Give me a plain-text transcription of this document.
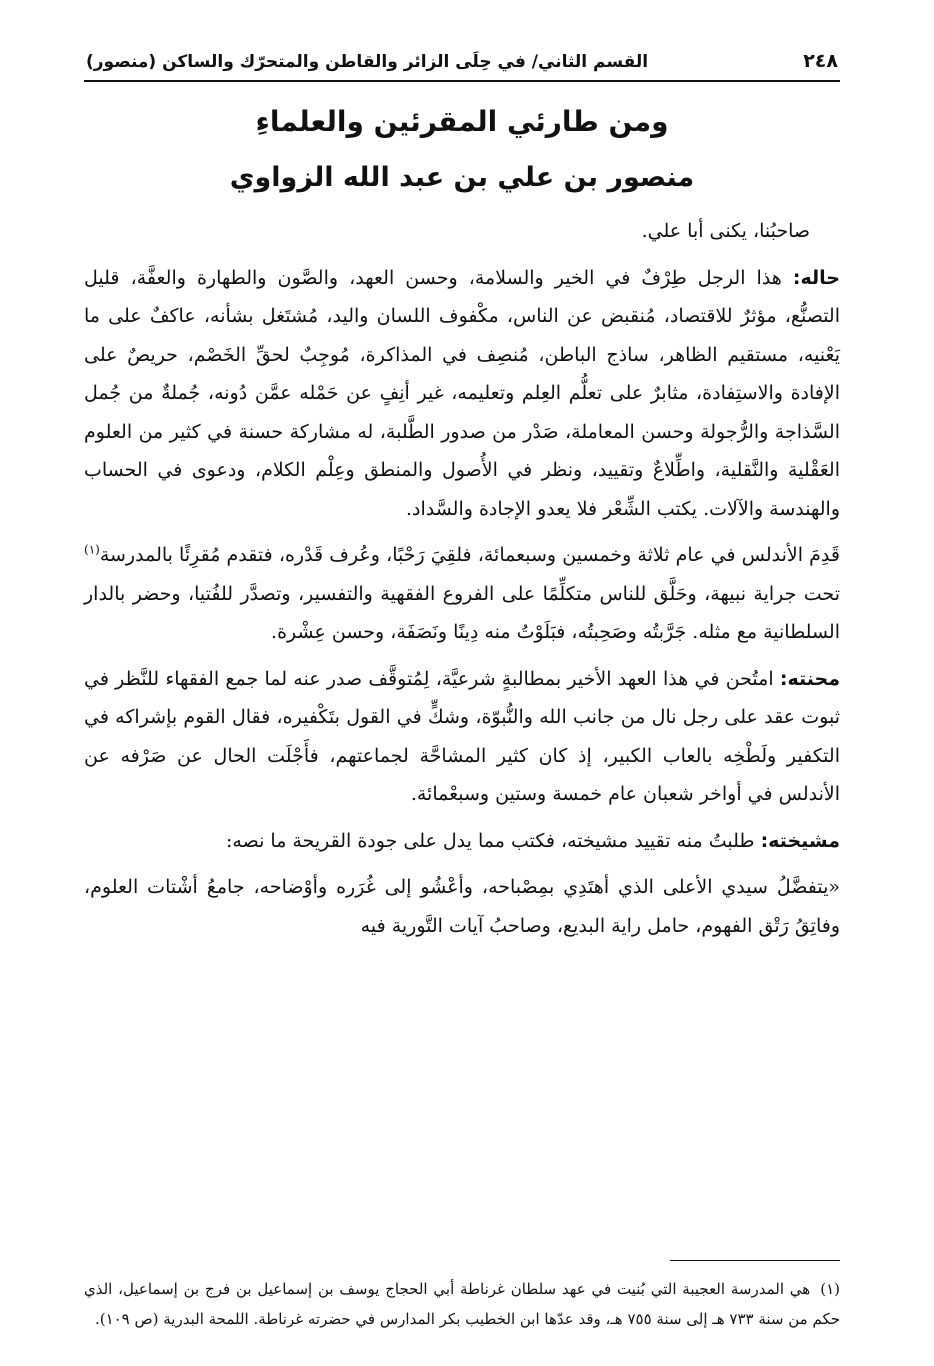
٢٤٨
القسم الثاني/ في حِلَى الزائر والقاطن والمتحرّك والساكن (منصور)
ومن طارئي المقرئين والعلماءِ
منصور بن علي بن عبد الله الزواوي

صاحبُنا، يكنى أبا علي.

حاله: هذا الرجل طِرْفٌ في الخير والسلامة، وحسن العهد، والصَّون والطهارة والعفَّة، قليل التصنُّع، مؤثرٌ للاقتصاد، مُنقبض عن الناس، مكْفوف اللسان واليد، مُشتَغل بشأنه، عاكفٌ على ما يَعْنيه، مستقيم الظاهر، ساذج الباطن، مُنصِف في المذاكرة، مُوجِبٌ لحقِّ الخَصْم، حريصٌ على الإفادة والاستِفادة، مثابرٌ على تعلُّم العِلم وتعليمه، غير أنِفٍ عن حَمْله عمَّن دُونه، جُملةٌ من جُمل السَّذاجة والرُّجولة وحسن المعاملة، صَدْر من صدور الطَّلبة، له مشاركة حسنة في كثير من العلوم العَقْلية والنَّقلية، واطِّلاعٌ وتقييد، ونظر في الأُصول والمنطق وعِلْم الكلام، ودعوى في الحساب والهندسة والآلات. يكتب الشِّعْر فلا يعدو الإجادة والسَّداد.

قَدِمَ الأندلس في عام ثلاثة وخمسين وسبعمائة، فلقِيَ رَحْبًا، وعُرف قَدْره، فتقدم مُقرِئًا بالمدرسة$^{(١)}$ تحت جراية نبيهة، وحَلَّق للناس متكلِّمًا على الفروع الفقهية والتفسير، وتصدَّر للفُتيا، وحضر بالدار السلطانية مع مثله. جَرَّبتُه وصَحِبتُه، فبَلَوْتُ منه دِينًا ونَصَفَة، وحسن عِشْرة.

محنته: امتُحن في هذا العهد الأخير بمطالبةٍ شرعيَّة، لِمُتوقَّف صدر عنه لما جمع الفقهاء للنَّظر في ثبوت عقد على رجل نال من جانب الله والنُّبوّة، وشكٍّ في القول بتَكْفيره، فقال القوم بإشراكه في التكفير ولَطْخِه بالعاب الكبير، إذ كان كثير المشاحَّة لجماعتهم، فأَجْلَت الحال عن صَرْفه عن الأندلس في أواخر شعبان عام خمسة وستين وسبعْمائة.

مشيخته: طلبتُ منه تقييد مشيخته، فكتب مما يدل على جودة القريحة ما نصه:

«يتفضَّلُ سيدي الأعلى الذي أهتَدِي بمِصْباحه، وأعْشُو إلى غُرَره وأوْضاحه، جامعُ أشْتات العلوم، وفاتِقُ رَتْق الفهوم، حامل راية البديع، وصاحبُ آيات التَّورية فيه

(١)هي المدرسة العجيبة التي بُنيت في عهد سلطان غرناطة أبي الحجاج يوسف بن إسماعيل بن فرج بن إسماعيل، الذي حكم من سنة ٧٣٣ هـ إلى سنة ٧٥٥ هـ، وقد عدّها ابن الخطيب بكر المدارس في حضرته غرناطة. اللمحة البدرية (ص ١٠٩).
